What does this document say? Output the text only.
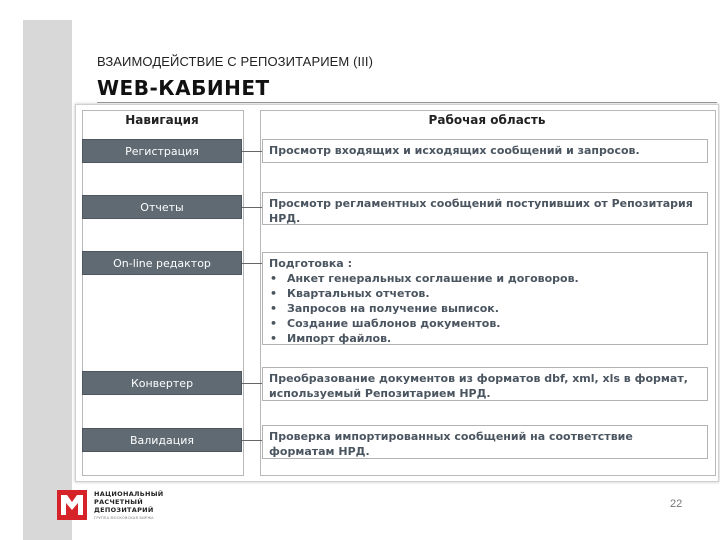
ВЗАИМОДЕЙСТВИЕ С РЕПОЗИТАРИЕМ (III)
WEB-КАБИНЕТ
Навигация	Рабочая область
Регистрация
Отчеты
On-line редактор
Конвертер
Валидация
Просмотр входящих и исходящих сообщений и запросов.
Просмотр регламентных сообщений поступивших от Репозитария НРД.
Подготовка :
• Анкет генеральных соглашение и договоров.
• Квартальных отчетов.
• Запросов на получение выписок.
• Создание шаблонов документов.
• Импорт файлов.
Преобразование документов из форматов dbf, xml, xls в формат, используемый Репозитарием НРД.
Проверка импортированных сообщений на соответствие форматам НРД.
НАЦИОНАЛЬНЫЙ
РАСЧЕТНЫЙ
ДЕПОЗИТАРИЙ
ГРУППА МОСКОВСКАЯ БИРЖА
22
